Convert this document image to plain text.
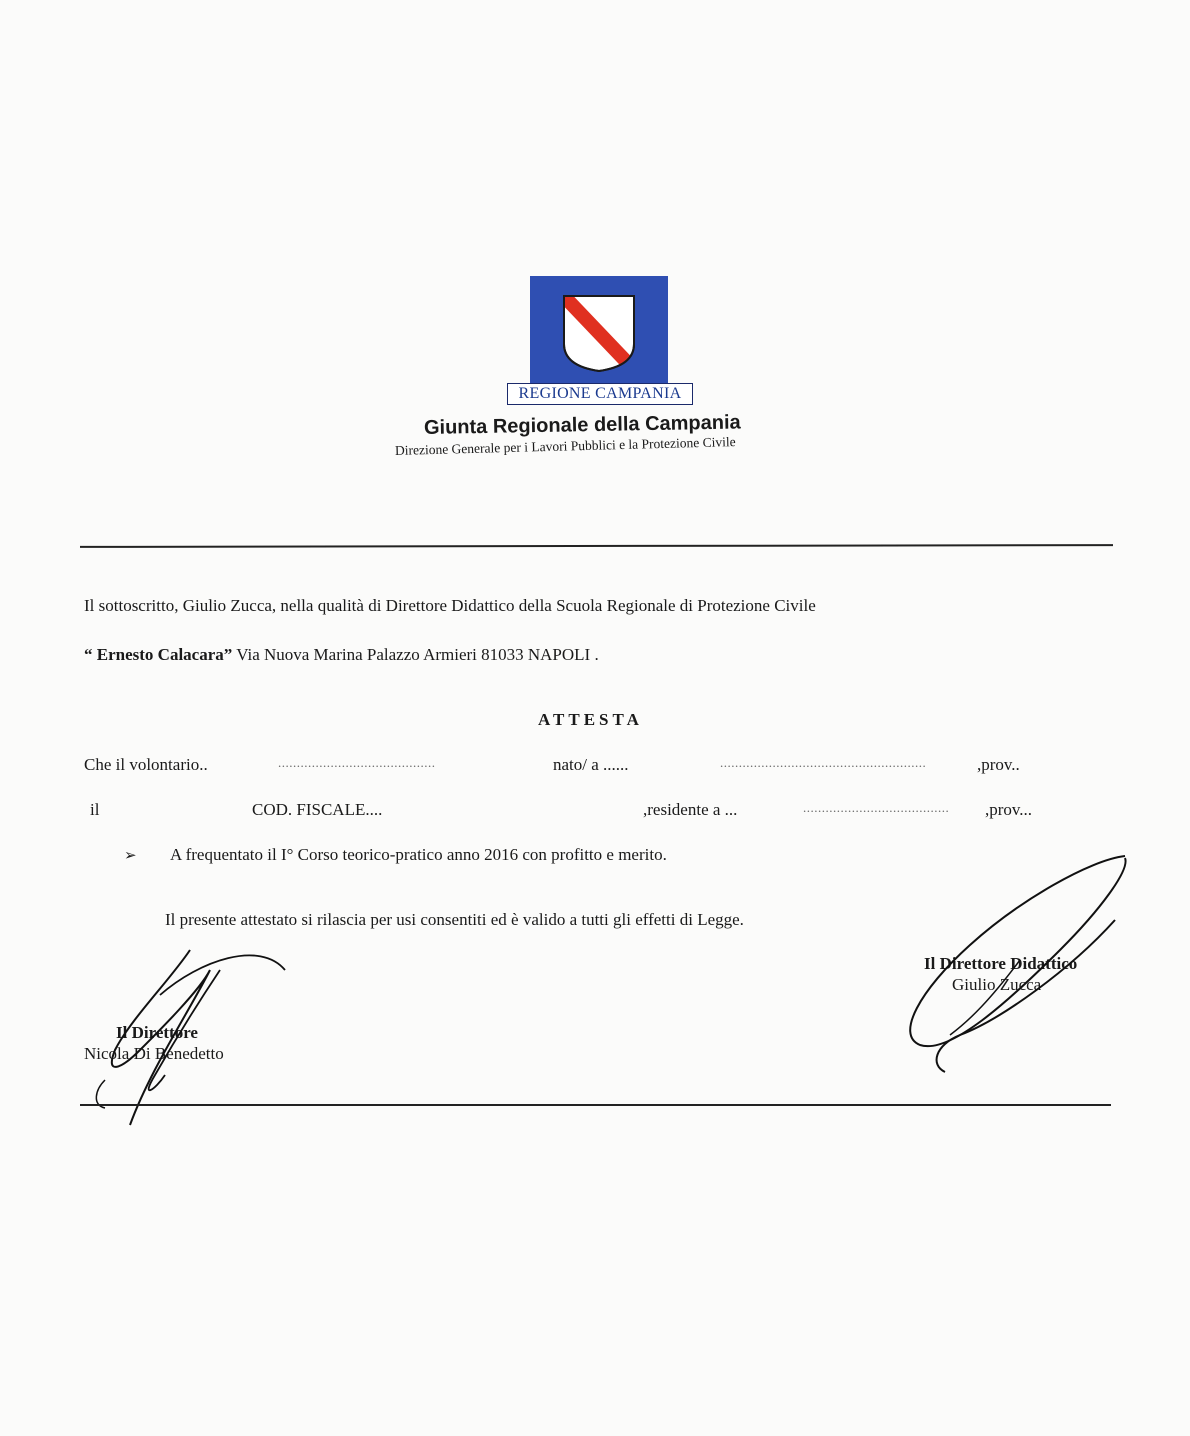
REGIONE CAMPANIA
Giunta Regionale della Campania
Direzione Generale per i Lavori Pubblici e la Protezione Civile
Il sottoscritto, Giulio Zucca, nella qualità di Direttore Didattico della Scuola Regionale di Protezione Civile
“ Ernesto Calacara” Via Nuova Marina Palazzo Armieri 81033 NAPOLI .
ATTESTA
Che il volontario..	..........................................	nato/ a ......	.......................................................	,prov..
il	COD. FISCALE....	,residente a ...	....................................... ,prov...
➢ A frequentato il I° Corso teorico-pratico anno 2016 con profitto e merito.
Il presente attestato si rilascia per usi consentiti ed è valido a tutti gli effetti di Legge.
Il Direttore Didattico
Giulio Zucca
Il Direttore
Nicola Di Benedetto
